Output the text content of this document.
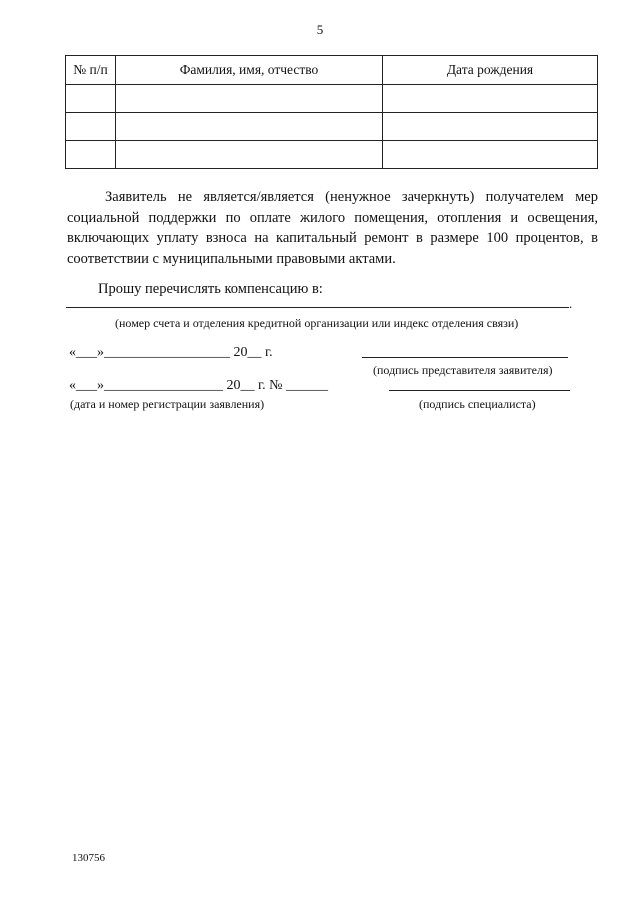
5
№ п/п	Фамилия, имя, отчество	Дата рождения

Заявитель не является/является (ненужное зачеркнуть) получателем мер социальной поддержки по оплате жилого помещения, отопления и освещения, включающих уплату взноса на капитальный ремонт в размере 100 процентов, в соответствии с муниципальными правовыми актами.

Прошу перечислять компенсацию в:
.
(номер счета и отделения кредитной организации или индекс отделения связи)
«___»__________________ 20__ г.
(подпись представителя заявителя)
«___»_________________ 20__ г. № ______
(дата и номер регистрации заявления)	(подпись специалиста)
130756
